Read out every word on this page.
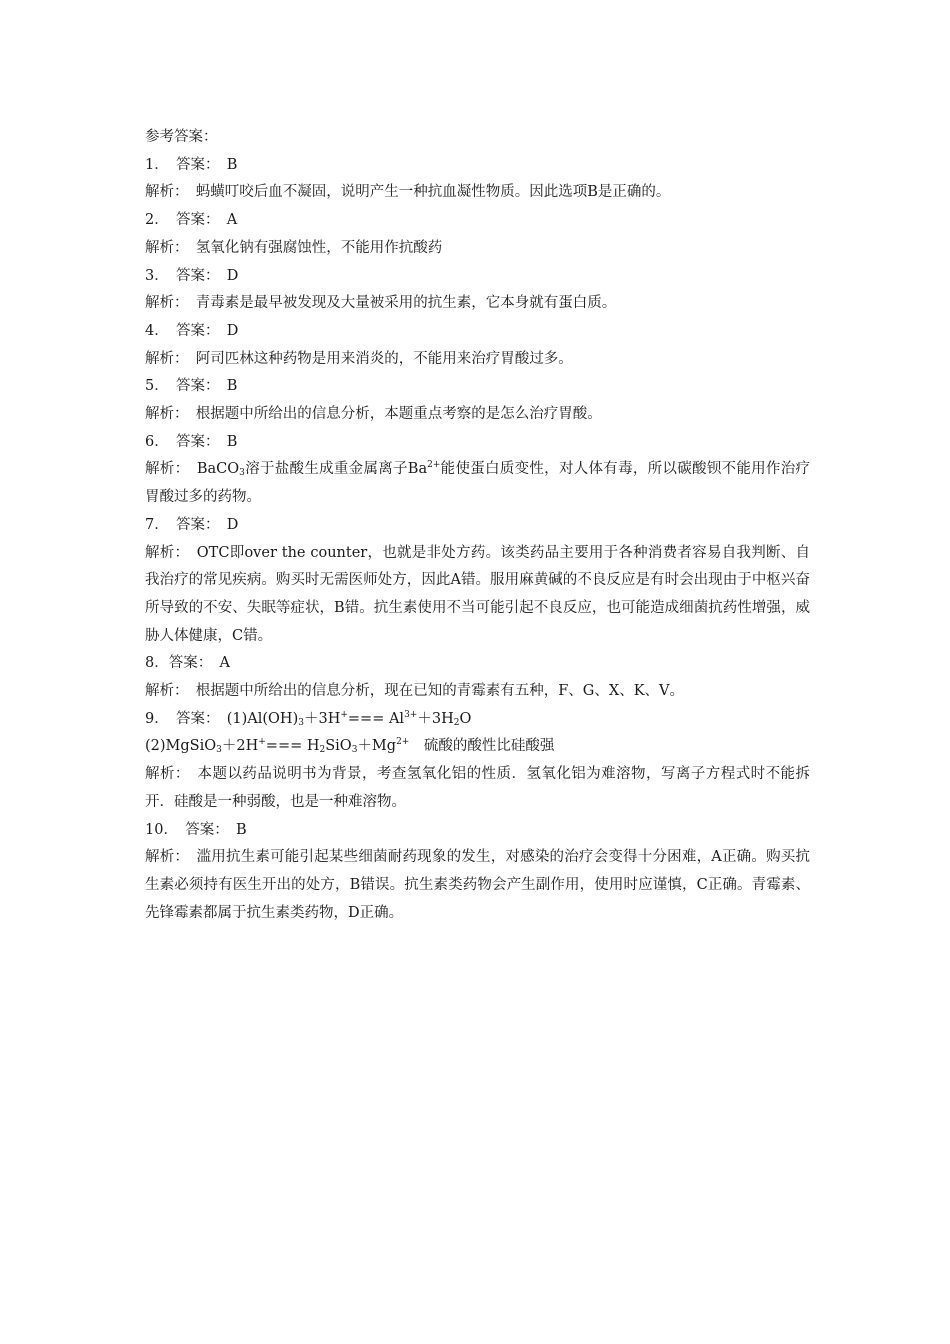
参考答案：
1．　答案：　B
解析：　蚂蟥叮咬后血不凝固，说明产生一种抗血凝性物质。因此选项B是正确的。
2．　答案：　A
解析：　氢氧化钠有强腐蚀性，不能用作抗酸药
3．　答案：　D
解析：　青毒素是最早被发现及大量被采用的抗生素，它本身就有蛋白质。
4．　答案：　D
解析：　阿司匹林这种药物是用来消炎的，不能用来治疗胃酸过多。
5．　答案：　B
解析：　根据题中所给出的信息分析，本题重点考察的是怎么治疗胃酸。
6．　答案：　B
解析：　BaCO$_3$溶于盐酸生成重金属离子$Ba^{2+}$能使蛋白质变性，对人体有毒，所以碳酸钡不能用作治疗胃酸过多的药物。
7．　答案：　D
解析：　OTC即over the counter，也就是非处方药。该类药品主要用于各种消费者容易自我判断、自我治疗的常见疾病。购买时无需医师处方，因此A错。服用麻黄碱的不良反应是有时会出现由于中枢兴奋所导致的不安、失眠等症状，B错。抗生素使用不当可能引起不良反应，也可能造成细菌抗药性增强，威胁人体健康，C错。
8．答案：　A
解析：　根据题中所给出的信息分析，现在已知的青霉素有五种，F、G、X、K、V。
9．　答案：　$(1)Al(OH)_3+3H^+=== Al^{3+}+3H_2O$
(2)MgSiO$_3$＋2H+=== $H_2SiO_3+Mg^{2+}$　硫酸的酸性比硅酸强
解析：　本题以药品说明书为背景，考查氢氧化铝的性质．氢氧化铝为难溶物，写离子方程式时不能拆开．硅酸是一种弱酸，也是一种难溶物。
10．　答案：　B
解析：　滥用抗生素可能引起某些细菌耐药现象的发生，对感染的治疗会变得十分困难，A正确。购买抗生素必须持有医生开出的处方，B错误。抗生素类药物会产生副作用，使用时应谨慎，C正确。青霉素、先锋霉素都属于抗生素类药物，D正确。
